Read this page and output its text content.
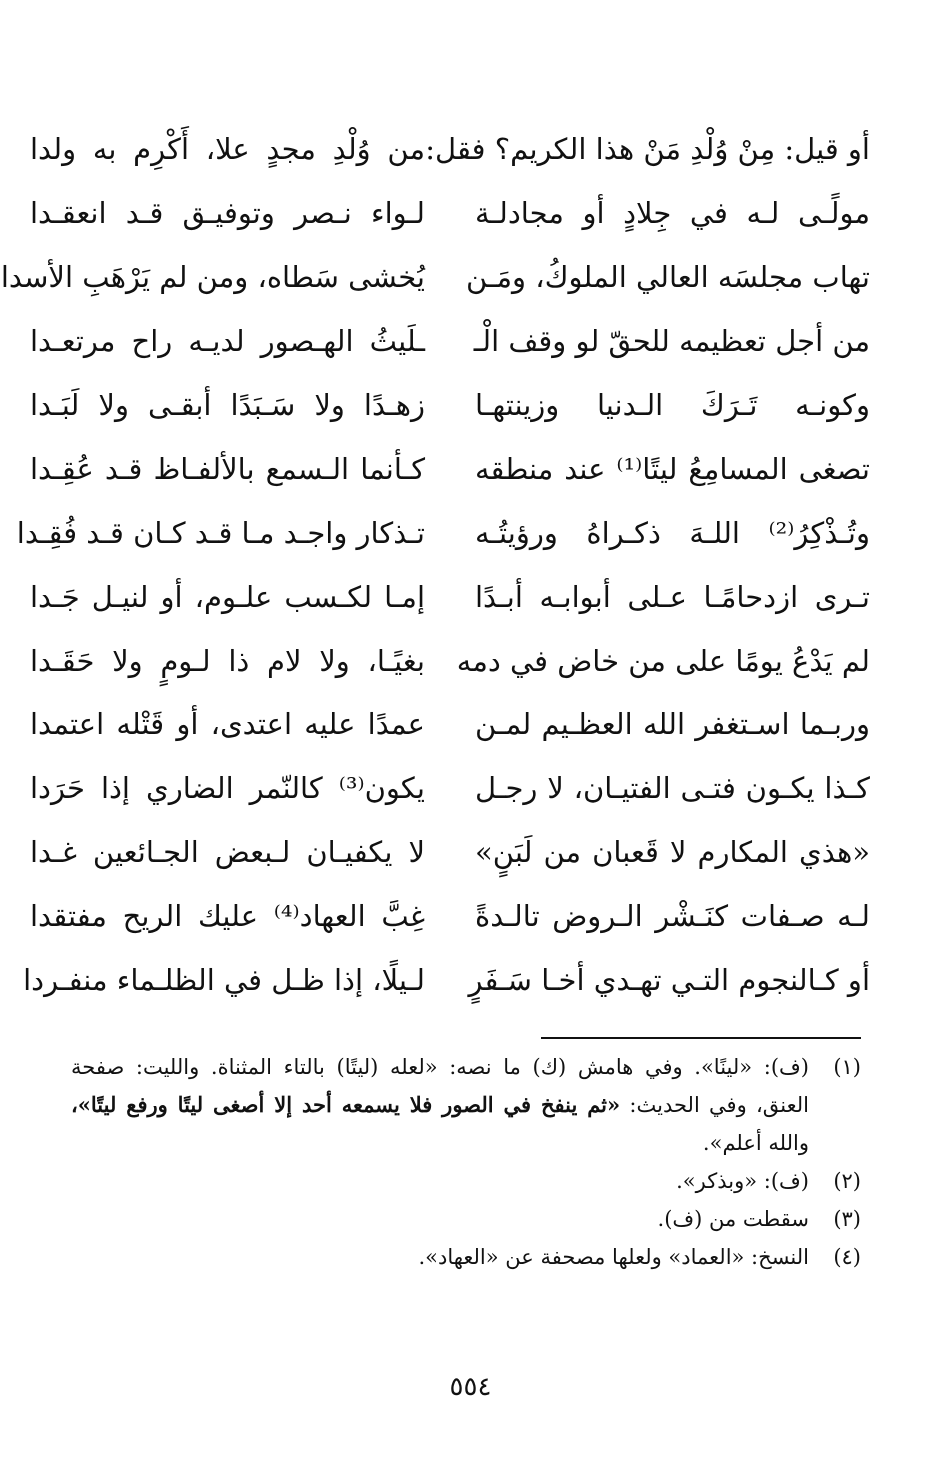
أو قيل: مِنْ وُلْدِ مَنْ هذا الكريم؟ فقل:
من وُلْدِ مجدٍ علا، أَكْرِم به ولدا
مولًـى لـه في جِلادٍ أو مجادلـة
لـواء نـصر وتوفيـق قـد انعقـدا
تهاب مجلسَه العالي الملوكُ، ومَـن
يُخشى سَطاه، ومن لم يَرْهَبِ الأسدا
من أجل تعظيمه للحقّ لو وقف الْـ
ـلَيثُ الهـصور لديـه راح مرتعـدا
وكونـه تَـرَكَ الـدنيا وزينتهـا
زهـدًا ولا سَـبَدًا أبقـى ولا لَبَـدا
تصغى المسامِعُ ليتًا⁽¹⁾ عند منطقه
كـأنما الـسمع بالألفـاظ قـد عُقِـدا
وتُـذْكِرُ⁽²⁾ اللـهَ ذكـراهُ ورؤيتُـه
تـذكار واجـد مـا قـد كـان قـد فُقِـدا
تـرى ازدحامًـا عـلى أبوابـه أبـدًا
إمـا لكـسب علـوم، أو لنيـل جَـدا
لم يَدْعُ يومًا على من خاض في دمه
بغيًـا، ولا لام ذا لـومٍ ولا حَقَـدا
وربـما اسـتغفر الله العظـيم لمـن
عمدًا عليه اعتدى، أو قَتْله اعتمدا
كـذا يكـون فتـى الفتيـان، لا رجـل
يكون⁽³⁾ كالنّمر الضاري إذا حَرَدا
«هذي المكارم لا قَعبان من لَبَنٍ»
لا يكفيـان لـبعض الجـائعين غـدا
لـه صـفات كنَـشْر الـروض تالـدةً
غِبَّ العهاد⁽⁴⁾ عليك الريح مفتقدا
أو كـالنجوم التـي تهـدي أخـا سَـفَرٍ
لـيلًا، إذا ظـل في الظلـماء منفـردا
(١)
(ف): «لينًا». وفي هامش (ك) ما نصه: «لعله (ليتًا) بالتاء المثناة. والليت: صفحة العنق، وفي الحديث: «ثم ينفخ في الصور فلا يسمعه أحد إلا أصغى ليتًا ورفع ليتًا»، والله أعلم».
(٢)
(ف): «وبذكر».
(٣)
سقطت من (ف).
(٤)
النسخ: «العماد» ولعلها مصحفة عن «العهاد».
٥٥٤
